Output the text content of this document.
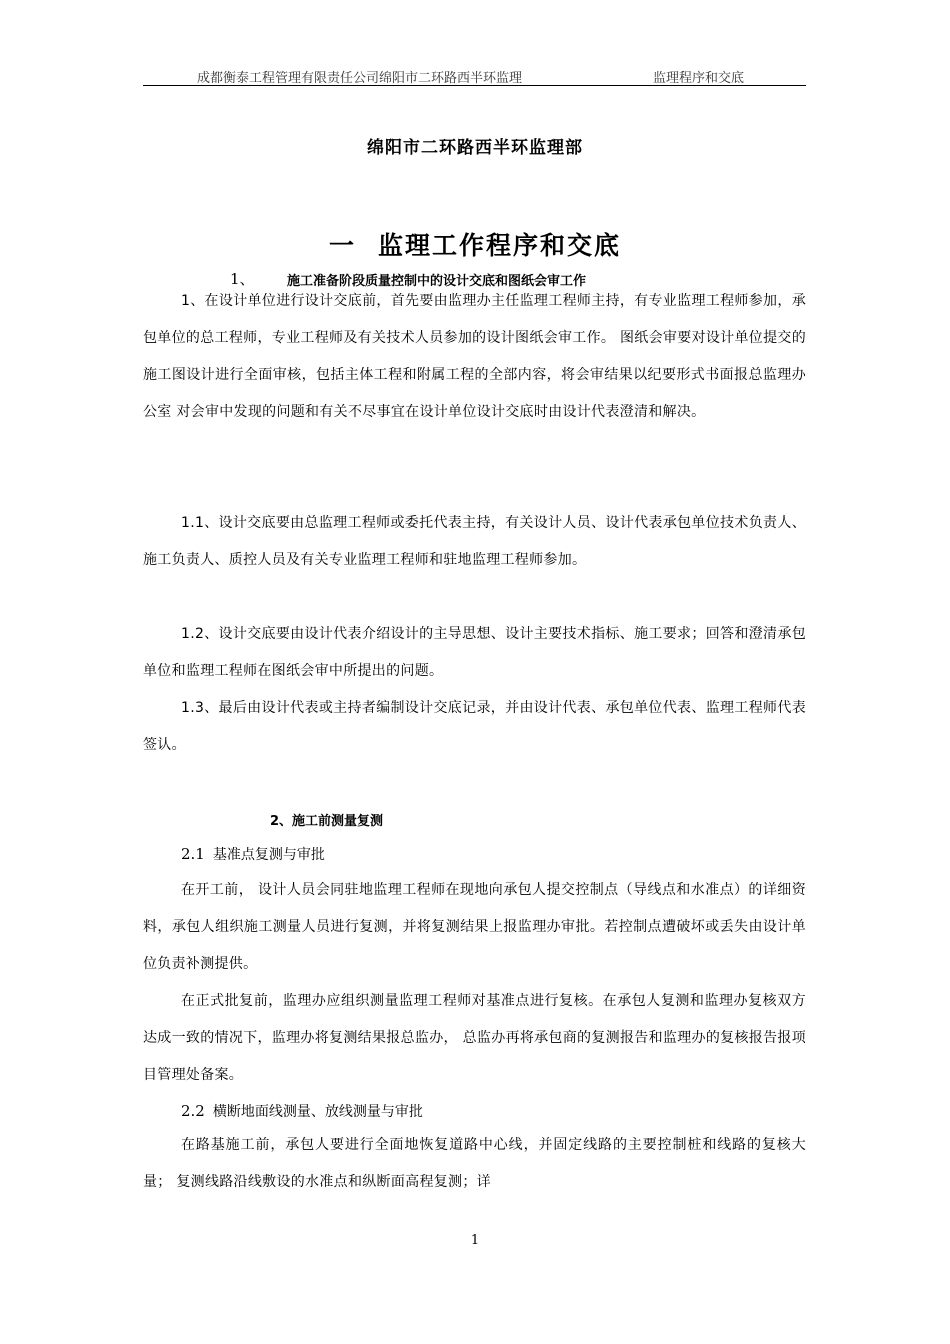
成都衡泰工程管理有限责任公司绵阳市二环路西半环监理	监理程序和交底
绵阳市二环路西半环监理部
一 监理工作程序和交底
1、 施工准备阶段质量控制中的设计交底和图纸会审工作

1、在设计单位进行设计交底前，首先要由监理办主任监理工程师主持，有专业监理工程师参加，承包单位的总工程师，专业工程师及有关技术人员参加的设计图纸会审工作。 图纸会审要对设计单位提交的施工图设计进行全面审核，包括主体工程和附属工程的全部内容，将会审结果以纪要形式书面报总监理办公室 对会审中发现的问题和有关不尽事宜在设计单位设计交底时由设计代表澄清和解决。

1.1、设计交底要由总监理工程师或委托代表主持，有关设计人员、设计代表承包单位技术负责人、施工负责人、质控人员及有关专业监理工程师和驻地监理工程师参加。

1.2、设计交底要由设计代表介绍设计的主导思想、设计主要技术指标、施工要求；回答和澄清承包单位和监理工程师在图纸会审中所提出的问题。

1.3、最后由设计代表或主持者编制设计交底记录，并由设计代表、承包单位代表、监理工程师代表签认。

2、施工前测量复测
2.1 基准点复测与审批

在开工前， 设计人员会同驻地监理工程师在现地向承包人提交控制点（导线点和水准点）的详细资料，承包人组织施工测量人员进行复测，并将复测结果上报监理办审批。若控制点遭破坏或丢失由设计单位负责补测提供。

在正式批复前，监理办应组织测量监理工程师对基准点进行复核。在承包人复测和监理办复核双方达成一致的情况下，监理办将复测结果报总监办， 总监办再将承包商的复测报告和监理办的复核报告报项目管理处备案。

2.2 横断地面线测量、放线测量与审批

在路基施工前，承包人要进行全面地恢复道路中心线，并固定线路的主要控制桩和线路的复核大量； 复测线路沿线敷设的水准点和纵断面高程复测；详

1
